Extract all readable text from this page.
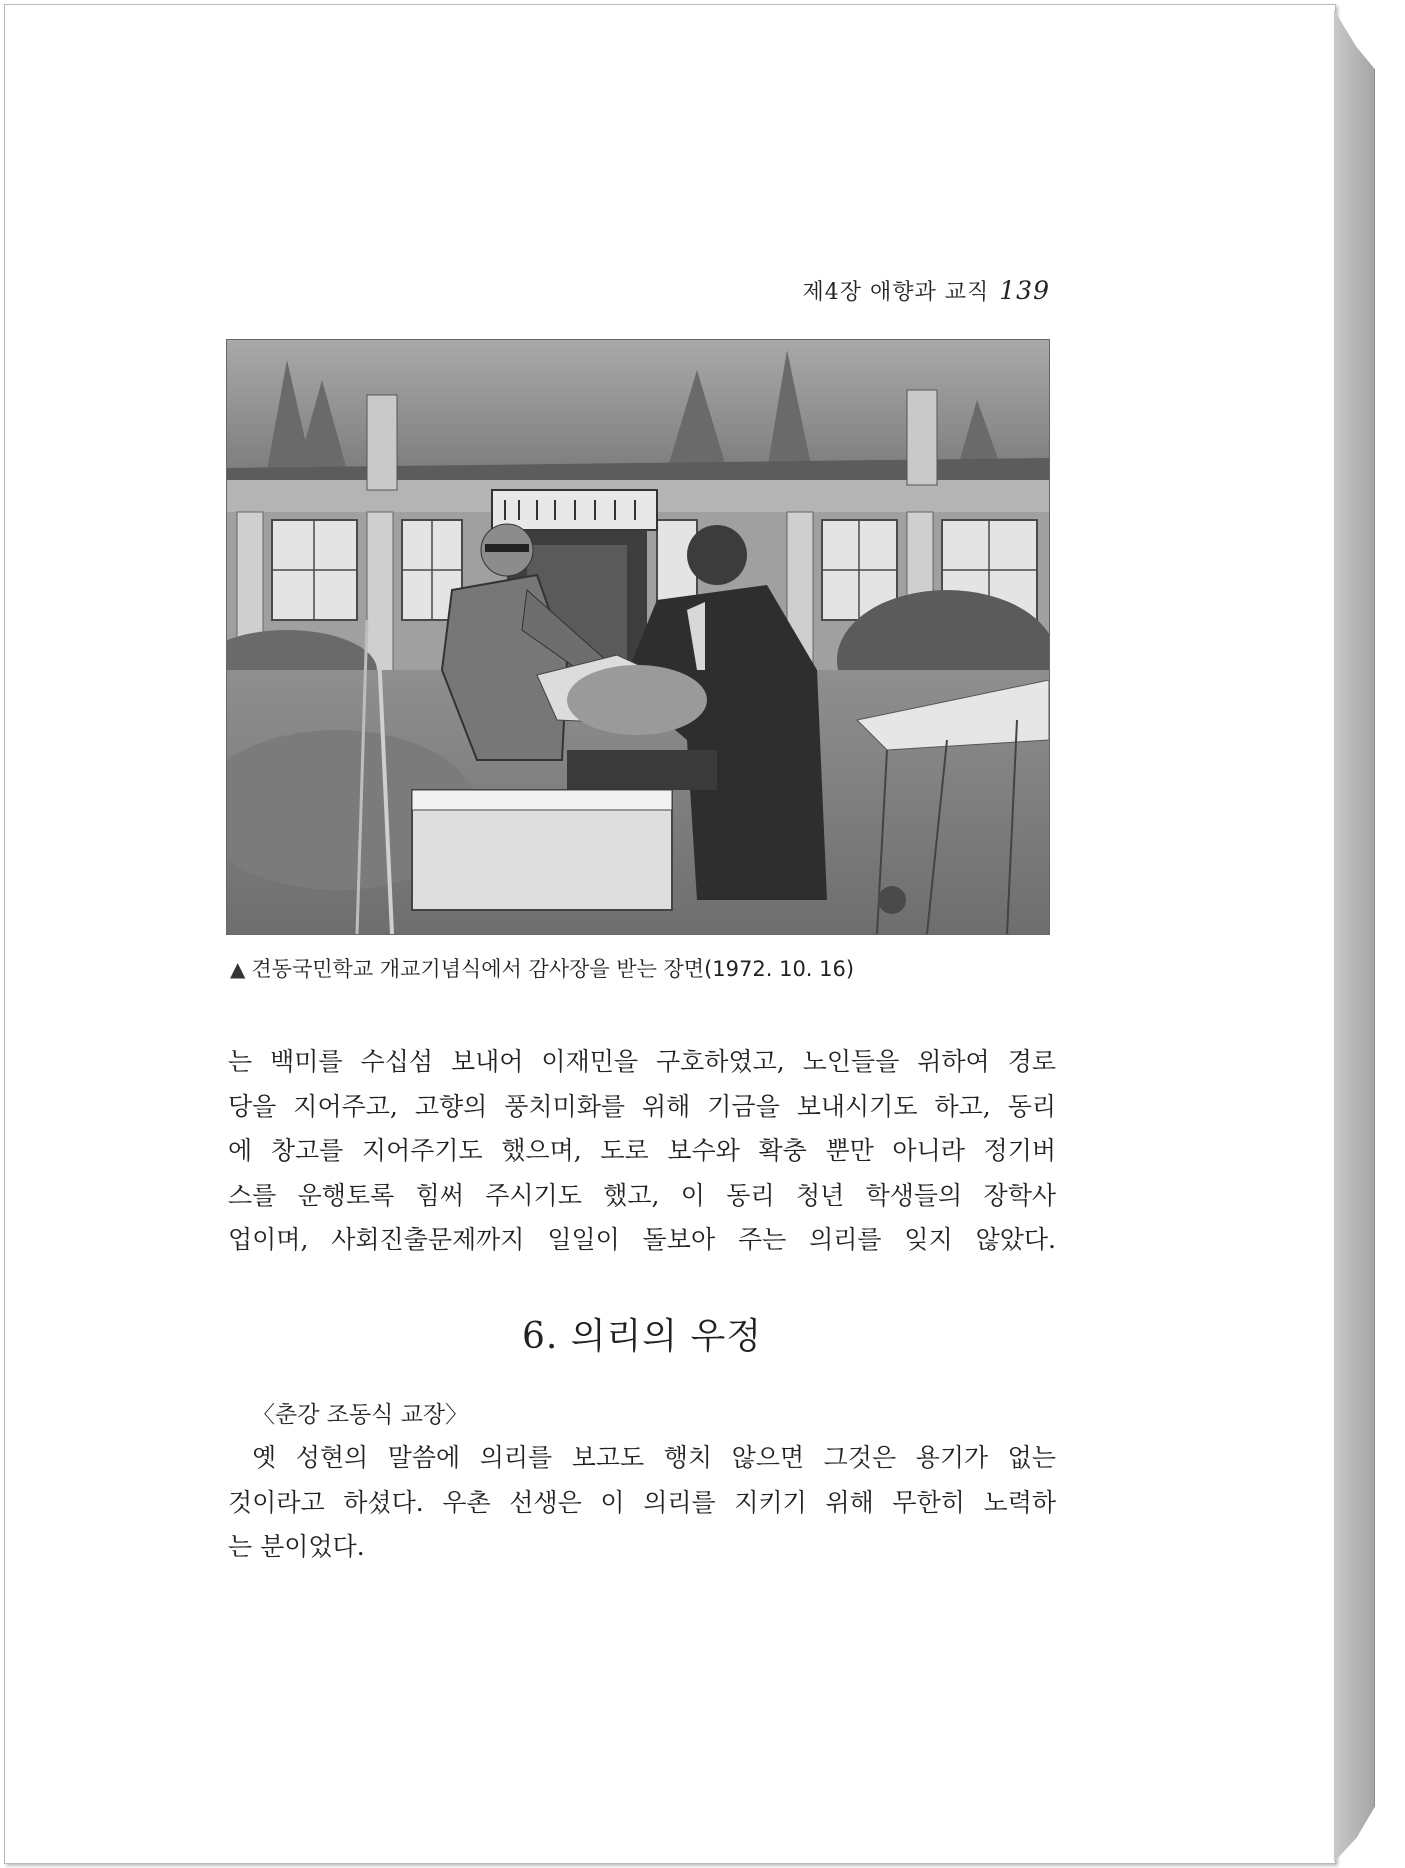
제4장 애향과 교직 139
▲ 견동국민학교 개교기념식에서 감사장을 받는 장면(1972. 10. 16)
는 백미를 수십섬 보내어 이재민을 구호하였고, 노인들을 위하여 경로
당을 지어주고, 고향의 풍치미화를 위해 기금을 보내시기도 하고, 동리
에 창고를 지어주기도 했으며, 도로 보수와 확충 뿐만 아니라 정기버
스를 운행토록 힘써 주시기도 했고, 이 동리 청년 학생들의 장학사
업이며, 사회진출문제까지 일일이 돌보아 주는 의리를 잊지 않았다.
6. 의리의 우정
〈춘강 조동식 교장〉
옛 성현의 말씀에 의리를 보고도 행치 않으면 그것은 용기가 없는
것이라고 하셨다. 우촌 선생은 이 의리를 지키기 위해 무한히 노력하
는 분이었다.
